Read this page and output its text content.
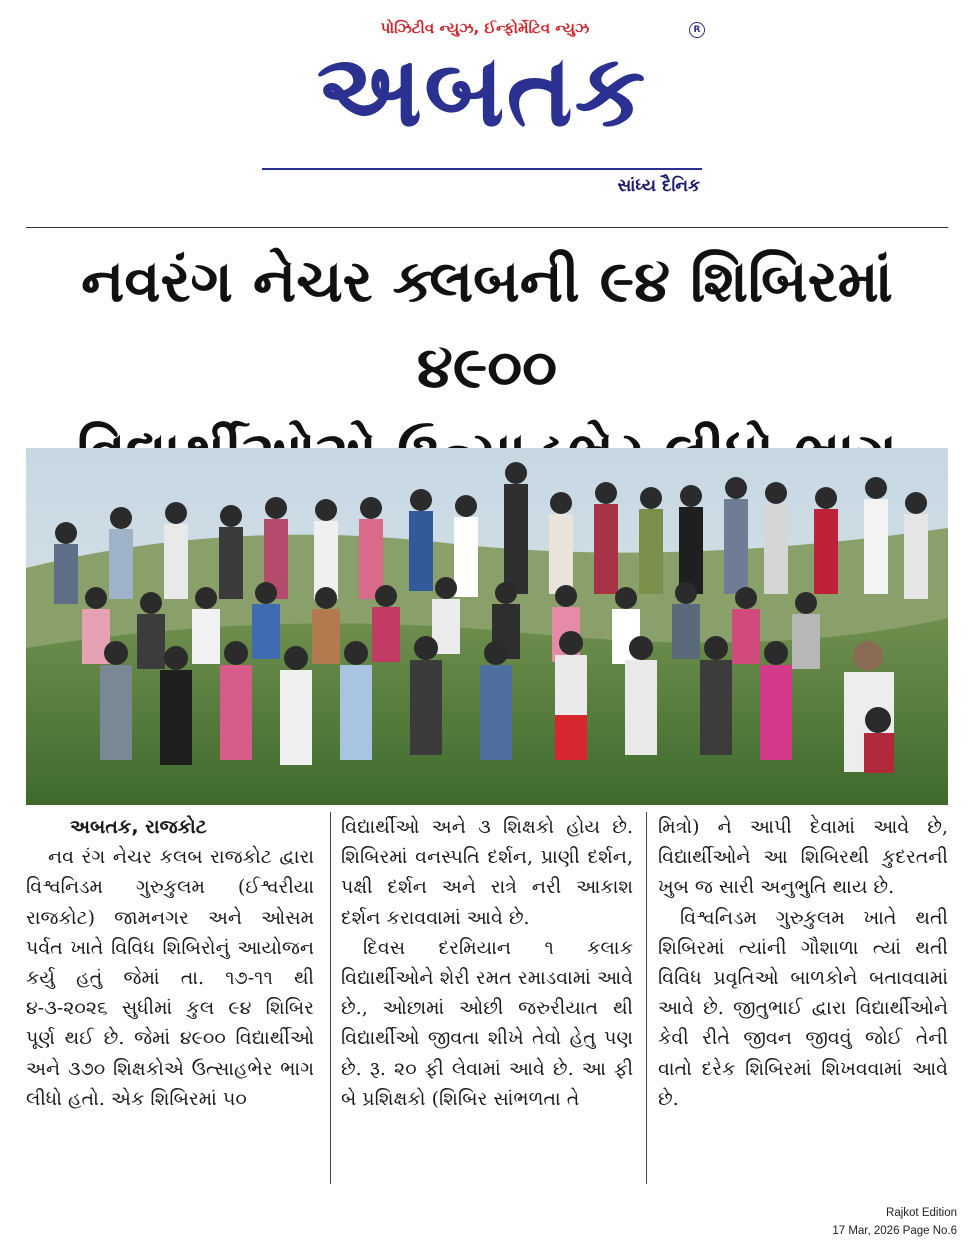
પોઝિટીવ ન્યુઝ, ઈન્ફોર્મેટિવ ન્યુઝ	R
અબતક
સાંધ્ય દૈનિક
નવરંગ નેચર ક્લબની ૯૪ શિબિરમાં ૪૯૦૦
અબતક, રાજકોટ

નવ રંગ નેચર કલબ રાજકોટ દ્વારા વિશ્વનિડમ ગુરુકુલમ (ઈશ્વરીયા રાજકોટ) જામનગર અને ઓસમ પર્વત ખાતે વિવિધ શિબિરોનું આયોજન કર્યુ હતું જેમાં તા. ૧૭-૧૧ થી ૪-૩-૨૦૨૬ સુધીમાં કુલ ૯૪ શિબિર પૂર્ણ થઈ છે. જેમાં ૪૯૦૦ વિદ્યાર્થીઓ અને ૩૭૦ શિક્ષકોએ ઉત્સાહભેર ભાગ લીધો હતો. એક શિબિરમાં ૫૦

વિદ્યાર્થીઓ અને ૩ શિક્ષકો હોય છે. શિબિરમાં વનસ્પતિ દર્શન, પ્રાણી દર્શન, પક્ષી દર્શન અને રાત્રે નરી આકાશ દર્શન કરાવવામાં આવે છે.

દિવસ દરમિયાન ૧ કલાક વિદ્યાર્થીઓને શેરી રમત રમાડવામાં આવે છે., ઓછામાં ઓછી જરુરીયાત થી વિદ્યાર્થીઓ જીવતા શીખે તેવો હેતુ પણ છે. રૂ. ૨૦ ફી લેવામાં આવે છે. આ ફી બે પ્રશિક્ષકો (શિબિર સાંભળતા તે

મિત્રો) ને આપી દેવામાં આવે છે, વિદ્યાર્થીઓને આ શિબિરથી કુદરતની ખુબ જ સારી અનુભુતિ થાય છે.

વિશ્વનિડમ ગુરુકુલમ ખાતે થતી શિબિરમાં ત્યાંની ગૌશાળા ત્યાં થતી વિવિધ પ્રવૃતિઓ બાળકોને બતાવવામાં આવે છે. જીતુભાઈ દ્વારા વિદ્યાર્થીઓને કેવી રીતે જીવન જીવવું જોઈ તેની વાતો દરેક શિબિરમાં શિખવવામાં આવે છે.

Rajkot Edition
17 Mar, 2026 Page No.6
